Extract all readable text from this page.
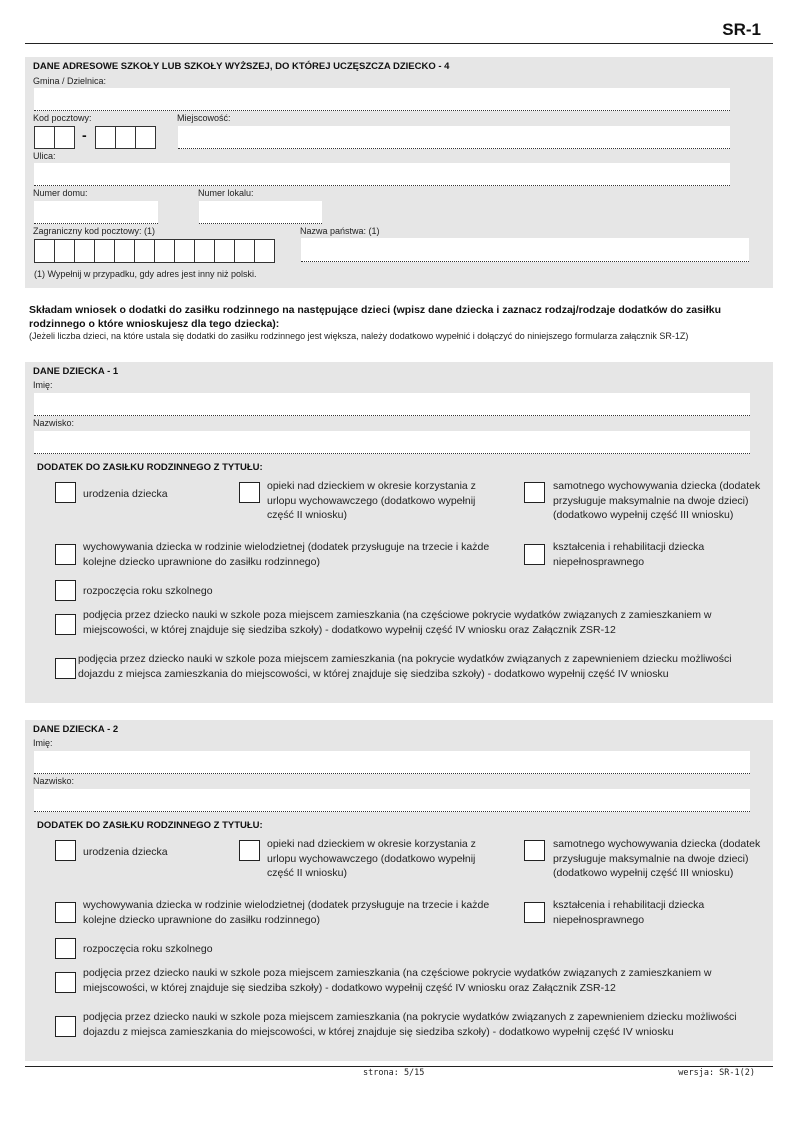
SR-1
DANE ADRESOWE SZKOŁY LUB SZKOŁY WYŻSZEJ, DO KTÓREJ UCZĘSZCZA DZIECKO - 4
Gmina / Dzielnica:
Kod pocztowy:	Miejscowość:
-
Ulica:
Numer domu:	Numer lokalu:
Zagraniczny kod pocztowy: (1)	Nazwa państwa: (1)
(1) Wypełnij w przypadku, gdy adres jest inny niż polski.
Składam wniosek o dodatki do zasiłku rodzinnego na następujące dzieci (wpisz dane dziecka i zaznacz rodzaj/rodzaje dodatków do zasiłku rodzinnego o które wnioskujesz dla tego dziecka):
(Jeżeli liczba dzieci, na które ustala się dodatki do zasiłku rodzinnego jest większa, należy dodatkowo wypełnić i dołączyć do niniejszego formularza załącznik SR-1Z)
DANE DZIECKA - 1
Imię:
Nazwisko:
DODATEK DO ZASIŁKU RODZINNEGO Z TYTUŁU:
urodzenia dziecka
opieki nad dzieckiem w okresie korzystania z urlopu wychowawczego (dodatkowo wypełnij część II wniosku)
samotnego wychowywania dziecka (dodatek przysługuje maksymalnie na dwoje dzieci) (dodatkowo wypełnij część III wniosku)
wychowywania dziecka w rodzinie wielodzietnej (dodatek przysługuje na trzecie i każde kolejne dziecko uprawnione do zasiłku rodzinnego)
kształcenia i rehabilitacji dziecka niepełnosprawnego
rozpoczęcia roku szkolnego
podjęcia przez dziecko nauki w szkole poza miejscem zamieszkania (na częściowe pokrycie wydatków związanych z zamieszkaniem w miejscowości, w której znajduje się siedziba szkoły) - dodatkowo wypełnij część IV wniosku oraz Załącznik ZSR-12
podjęcia przez dziecko nauki w szkole poza miejscem zamieszkania (na pokrycie wydatków związanych z zapewnieniem dziecku możliwości dojazdu z miejsca zamieszkania do miejscowości, w której znajduje się siedziba szkoły) - dodatkowo wypełnij część IV wniosku
DANE DZIECKA - 2
Imię:
Nazwisko:
DODATEK DO ZASIŁKU RODZINNEGO Z TYTUŁU:
urodzenia dziecka
opieki nad dzieckiem w okresie korzystania z urlopu wychowawczego (dodatkowo wypełnij część II wniosku)
samotnego wychowywania dziecka (dodatek przysługuje maksymalnie na dwoje dzieci) (dodatkowo wypełnij część III wniosku)
wychowywania dziecka w rodzinie wielodzietnej (dodatek przysługuje na trzecie i każde kolejne dziecko uprawnione do zasiłku rodzinnego)
kształcenia i rehabilitacji dziecka niepełnosprawnego
rozpoczęcia roku szkolnego
podjęcia przez dziecko nauki w szkole poza miejscem zamieszkania (na częściowe pokrycie wydatków związanych z zamieszkaniem w miejscowości, w której znajduje się siedziba szkoły) - dodatkowo wypełnij część IV wniosku oraz Załącznik ZSR-12
podjęcia przez dziecko nauki w szkole poza miejscem zamieszkania (na pokrycie wydatków związanych z zapewnieniem dziecku możliwości dojazdu z miejsca zamieszkania do miejscowości, w której znajduje się siedziba szkoły) - dodatkowo wypełnij część IV wniosku
strona: 5/15	wersja: SR-1(2)
